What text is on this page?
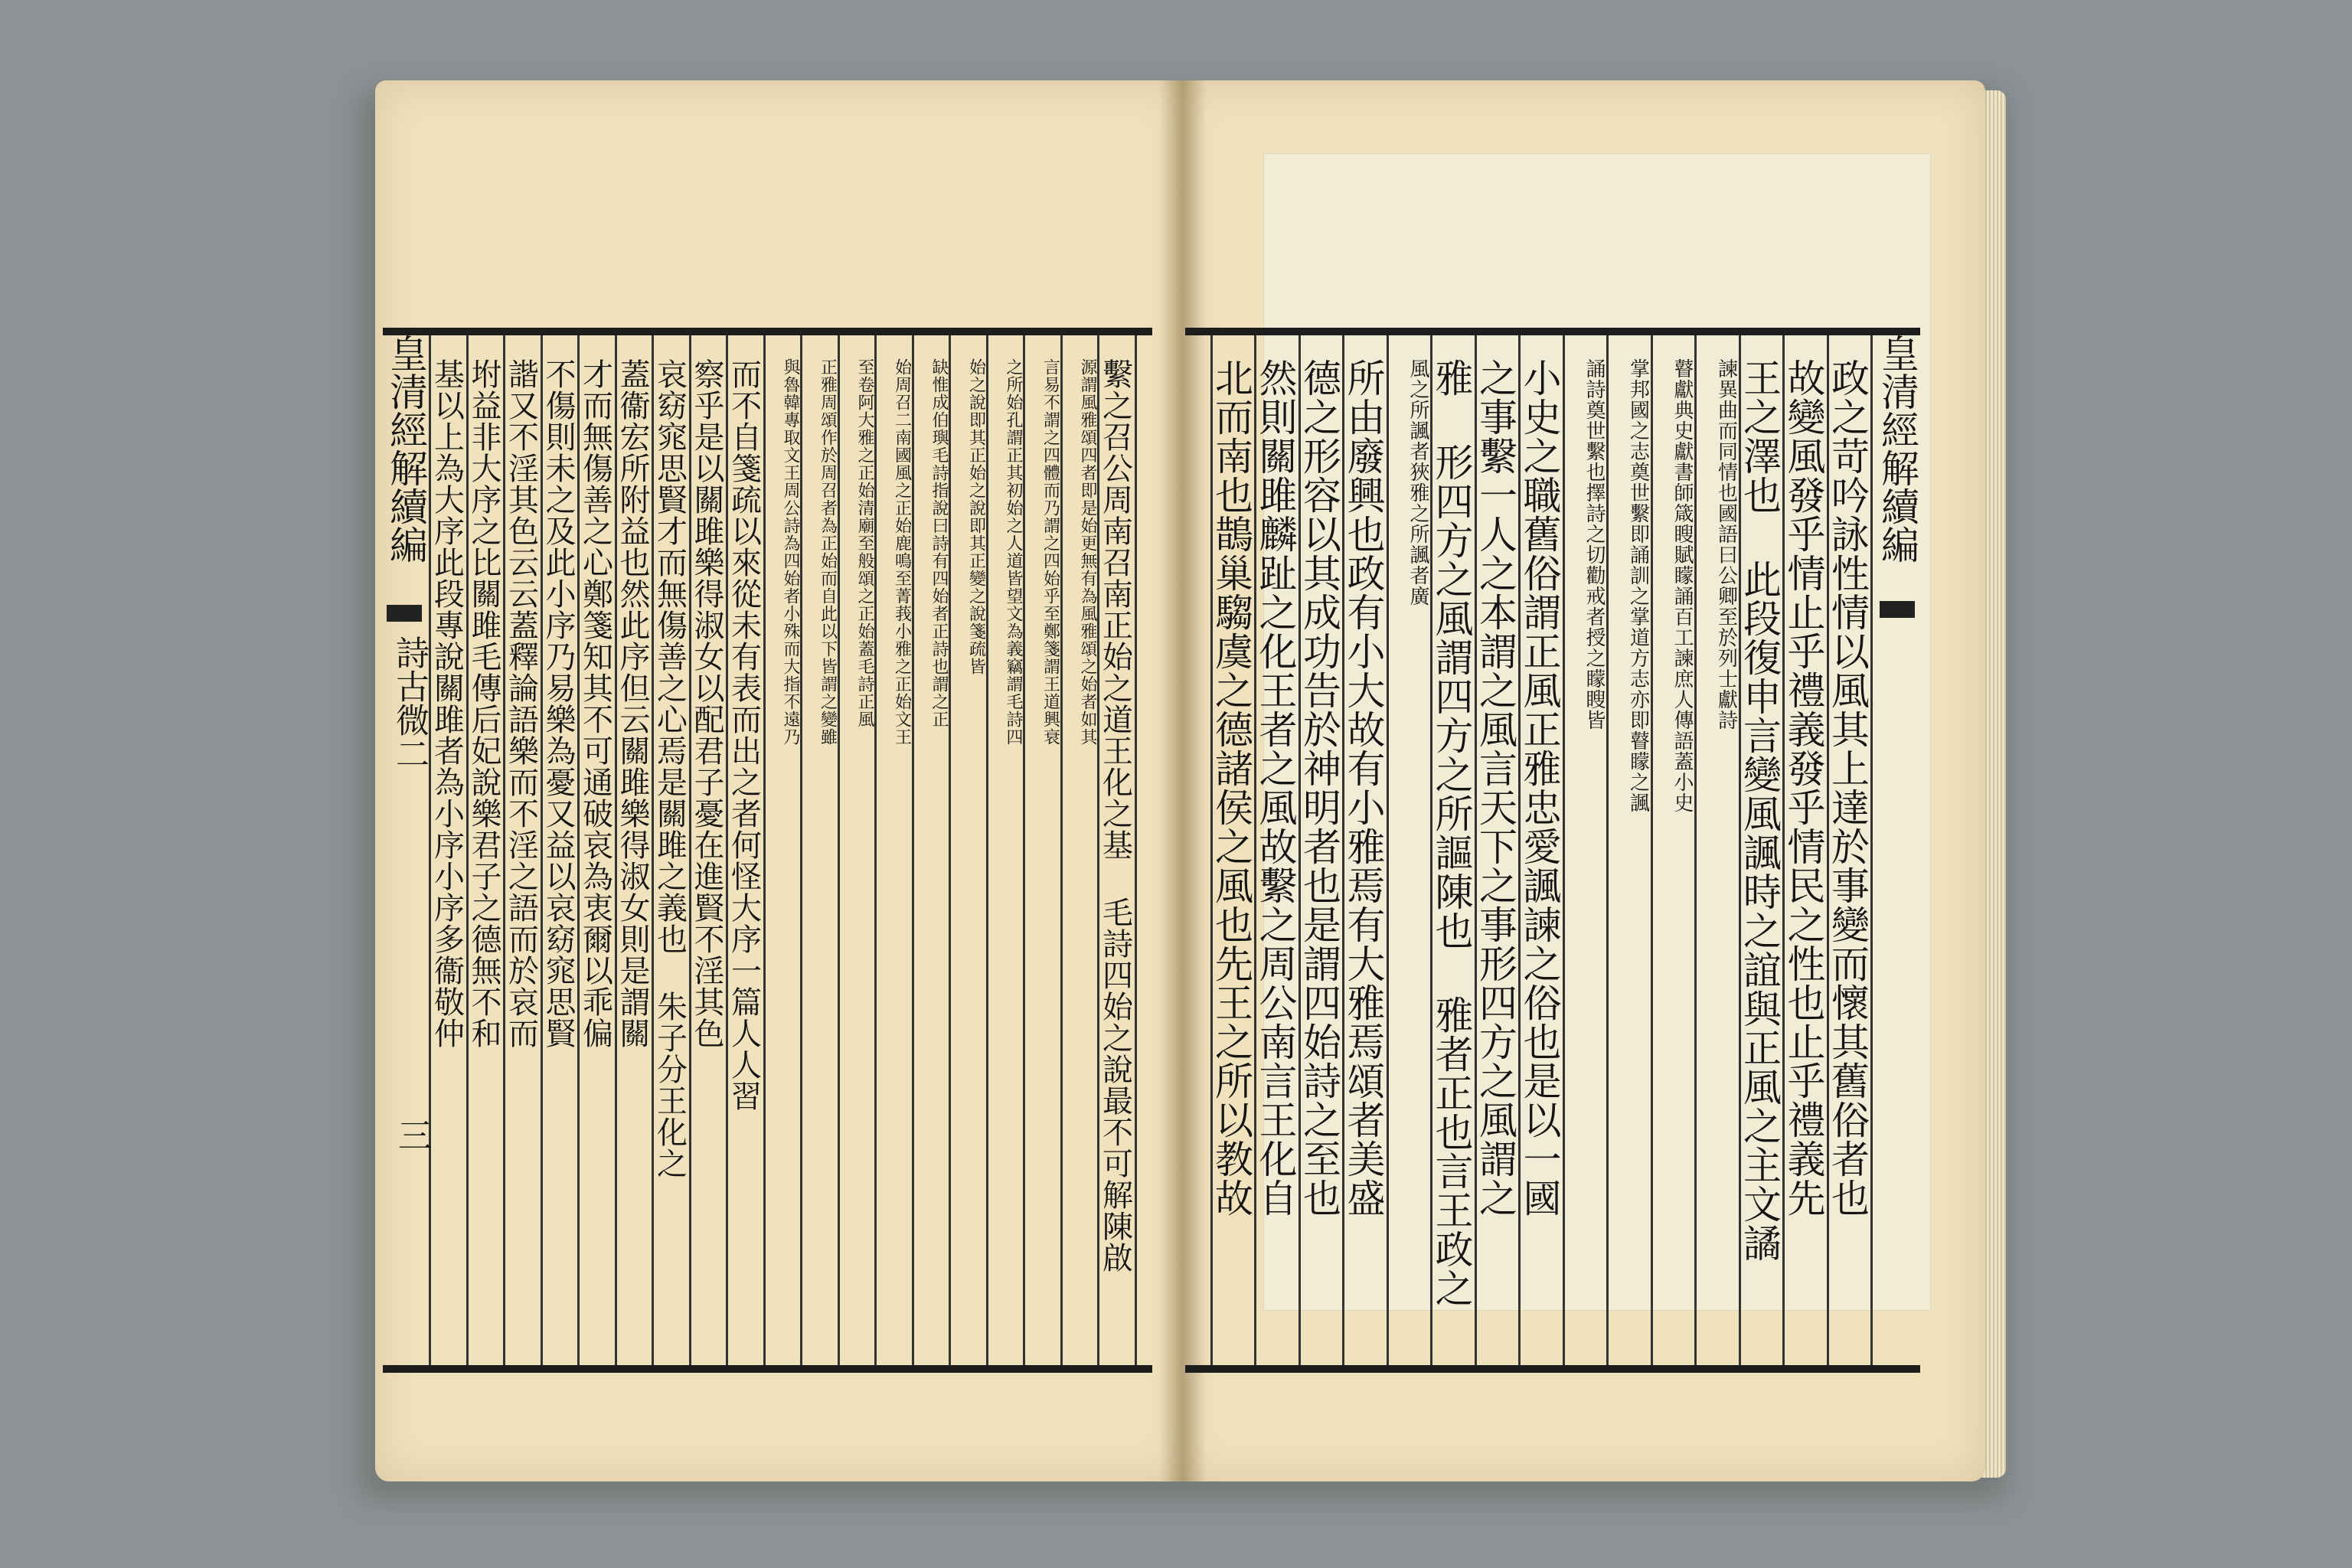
基以上為大序此段專說關雎者為小序小序多衞敬仲 坿益非大序之比關雎毛傳后妃說樂君子之德無不和 諧又不淫其色云云蓋釋論語樂而不淫之語而於哀而 不傷則未之及此小序乃易樂為憂又益以哀窈窕思賢 才而無傷善之心鄭箋知其不可通破哀為衷爾以乖偏 蓋衞宏所附益也然此序但云關雎樂得淑女則是謂關 哀窈窕思賢才而無傷善之心焉是關雎之義也 朱子分王化之 察乎是以關雎樂得淑女以配君子憂在進賢不淫其色 而不自箋疏以來從未有表而出之者何怪大序一篇人人習	與魯韓專取文王周公詩為四始者小殊而大指不遠乃	正雅周頌作於周召者為正始而自此以下皆謂之變雖	至卷阿大雅之正始清廟至般頌之正始蓋毛詩正風	始周召二南國風之正始鹿鳴至菁莪小雅之正始文王	缺惟成伯璵毛詩指說曰詩有四始者正詩也謂之正	始之說即其正始之說即其正變之說箋疏皆	之所始孔謂正其初始之人道皆望文為義竊謂毛詩四	言易不謂之四體而乃謂之四始乎至鄭箋謂王道興衰	源謂風雅頌四者即是始更無有為風雅頌之始者如其 繫之召公周南召南正始之道王化之基 毛詩四始之說最不可解陳啟
皇清經解續編
詩古微二
三	政之苛吟詠性情以風其上達於事變而懷其舊俗者也
故變風發乎情止乎禮義發乎情民之性也止乎禮義先
王之澤也 此段復申言變風諷時之誼與正風之主文譎
諫異曲而同情也國語曰公卿至於列士獻詩
瞽獻典史獻書師箴瞍賦矇誦百工諫庶人傳語蓋小史
掌邦國之志奠世繫即誦訓之掌道方志亦即瞽矇之諷
誦詩奠世繫也擇詩之切勸戒者授之矇瞍皆
小史之職舊俗謂正風正雅忠愛諷諫之俗也是以一國
之事繫一人之本謂之風言天下之事形四方之風謂之
雅 形四方之風謂四方之所謳陳也 雅者正也言王政之
風之所諷者狹雅之所諷者廣
所由廢興也政有小大故有小雅焉有大雅焉頌者美盛
德之形容以其成功告於神明者也是謂四始詩之至也
然則關雎麟趾之化王者之風故繫之周公南言王化自
北而南也鵲巢騶虞之德諸侯之風也先王之所以教故	皇清經解續編
